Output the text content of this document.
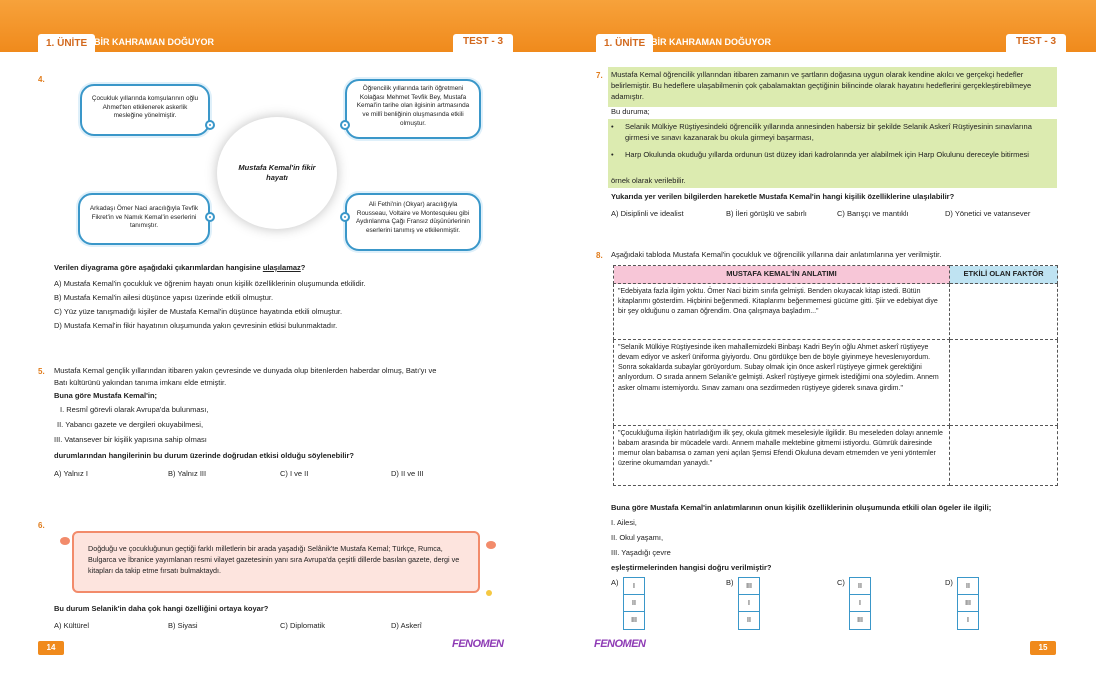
1. ÜNİTE BİR KAHRAMAN DOĞUYOR	TEST - 3
4.
Çocukluk yıllarında komşularının oğlu Ahmet'ten etkilenerek askerlik mesleğine yönelmiştir.
Öğrencilik yıllarında tarih öğretmeni Kolağası Mehmet Tevfik Bey, Mustafa Kemal'in tarihe olan ilgisinin artmasında ve millî benliğinin oluşmasında etkili olmuştur.
Arkadaşı Ömer Naci aracılığıyla Tevfik Fikret'in ve Namık Kemal'in eserlerini tanımıştır.
Ali Fethi'nin (Okyar) aracılığıyla Rousseau, Voltaire ve Montesquieu gibi Aydınlanma Çağı Fransız düşünürlerinin eserlerini tanımış ve etkilenmiştir.
Mustafa Kemal'in fikir hayatı
Verilen diyagrama göre aşağıdaki çıkarımlardan hangisine ulaşılamaz?
A) Mustafa Kemal'in çocukluk ve öğrenim hayatı onun kişilik özelliklerinin oluşumunda etkilidir.
B) Mustafa Kemal'in ailesi düşünce yapısı üzerinde etkili olmuştur.
C) Yüz yüze tanışmadığı kişiler de Mustafa Kemal'in düşünce hayatında etkili olmuştur.
D) Mustafa Kemal'in fikir hayatının oluşumunda yakın çevresinin etkisi bulunmaktadır.
5. Mustafa Kemal gençlik yıllarından itibaren yakın çevresinde ve dunyada olup bitenlerden haberdar olmuş, Batı'yı ve
Batı kültürünü yakından tanıma imkanı elde etmiştir.
Buna göre Mustafa Kemal'in;
I. Resmî görevli olarak Avrupa'da bulunması,
II. Yabancı gazete ve dergileri okuyabilmesi,
III. Vatansever bir kişilik yapısına sahip olması
durumlarından hangilerinin bu durum üzerinde doğrudan etkisi olduğu söylenebilir?
A) Yalnız I	B) Yalnız III	C) I ve II	D) II ve III
6.
Doğduğu ve çocukluğunun geçtiği farklı milletlerin bir arada yaşadığı Selânik'te Mustafa Kemal; Türkçe, Rumca, Bulgarca ve İbranice yayımlanan resmi vilayet gazetesinin yanı sıra Avrupa'da çeşitli dillerde basılan gazete, dergi ve kitapları da takip etme fırsatı bulmaktaydı.
Bu durum Selanik'in daha çok hangi özelliğini ortaya koyar?
A) Kültürel	B) Siyasi	C) Diplomatik	D) Askerî
14	FENOMEN
1. ÜNİTE BİR KAHRAMAN DOĞUYOR	TEST - 3
15
FENOMEN
7. Mustafa Kemal öğrencilik yıllarından itibaren zamanın ve şartların doğasına uygun olarak kendine akılcı ve gerçekçi hedefler belirlemiştir. Bu hedeflere ulaşabilmenin çok çabalamaktan geçtiğinin bilincinde olarak hayatını hedeflerini gerçekleştirebilmeye adamıştır.
Bu duruma;
• Selanik Mülkiye Rüştiyesindeki öğrencilik yıllarında annesinden habersiz bir şekilde Selanik Askerî Rüştiyesinin sınavlarına girmesi ve sınavı kazanarak bu okula girmeyi başarması,
• Harp Okulunda okuduğu yıllarda ordunun üst düzey idari kadrolarında yer alabilmek için Harp Okulunu dereceyle bitirmesi
örnek olarak verilebilir.
Yukarıda yer verilen bilgilerden hareketle Mustafa Kemal'in hangi kişilik özelliklerine ulaşılabilir?
A) Disiplinli ve idealist	B) İleri görüşlü ve sabırlı	C) Barışçı ve mantıklı	D) Yönetici ve vatansever
8. Aşağıdaki tabloda Mustafa Kemal'in çocukluk ve öğrencilik yıllarına dair anlatımlarına yer verilmiştir.
MUSTAFA KEMAL'İN ANLATIMI	ETKİLİ OLAN FAKTÖR
"Edebiyata fazla ilgim yoktu. Ömer Naci bizim sınıfa gelmişti. Benden okuyacak kitap istedi. Bütün kitaplarımı gösterdim. Hiçbirini beğenmedi. Kitaplarımı beğenmemesi gücüme gitti. Şiir ve edebiyat diye bir şey olduğunu o zaman öğrendim. Ona çalışmaya başladım..."	
"Selanik Mülkiye Rüştiyesinde iken mahallemizdeki Binbaşı Kadri Bey'in oğlu Ahmet askerî rüştiyeye devam ediyor ve askerî üniforma giyiyordu. Onu gördükçe ben de böyle giyinmeye heveslenıyordum. Sonra sokaklarda subaylar görüyordum. Subay olmak için önce askerî rüştiyeye girmek gerektiğini anlıyordum. O sırada annem Selanik'e gelmişti. Askerî rüştiyeye girmek istediğimi ona söyledim. Annem asker olmamı istemiyordu. Sınav zamanı ona sezdirmeden rüştiyeye giderek sınava girdim."	
"Çocukluğuma ilişkin hatırladığım ilk şey, okula gitmek meselesiyle ilgilidir. Bu meseleden dolayı annemle babam arasında bir mücadele vardı. Annem mahalle mektebine gitmemi istiyordu. Gümrük dairesinde memur olan babamsa o zaman yeni açılan Şemsi Efendi Okuluna devam etmemden ve yeni yöntemler üzerine okumamdan yanaydı."	
Buna göre Mustafa Kemal'in anlatımlarının onun kişilik özelliklerinin oluşumunda etkili olan ögeler ile ilgili;
I. Ailesi,
II. Okul yaşamı,
III. Yaşadığı çevre
eşleştirmelerinden hangisi doğru verilmiştir?
A)	I
II
III
B)	III
I
II
C)	II
I
III
D)	II
III
I
